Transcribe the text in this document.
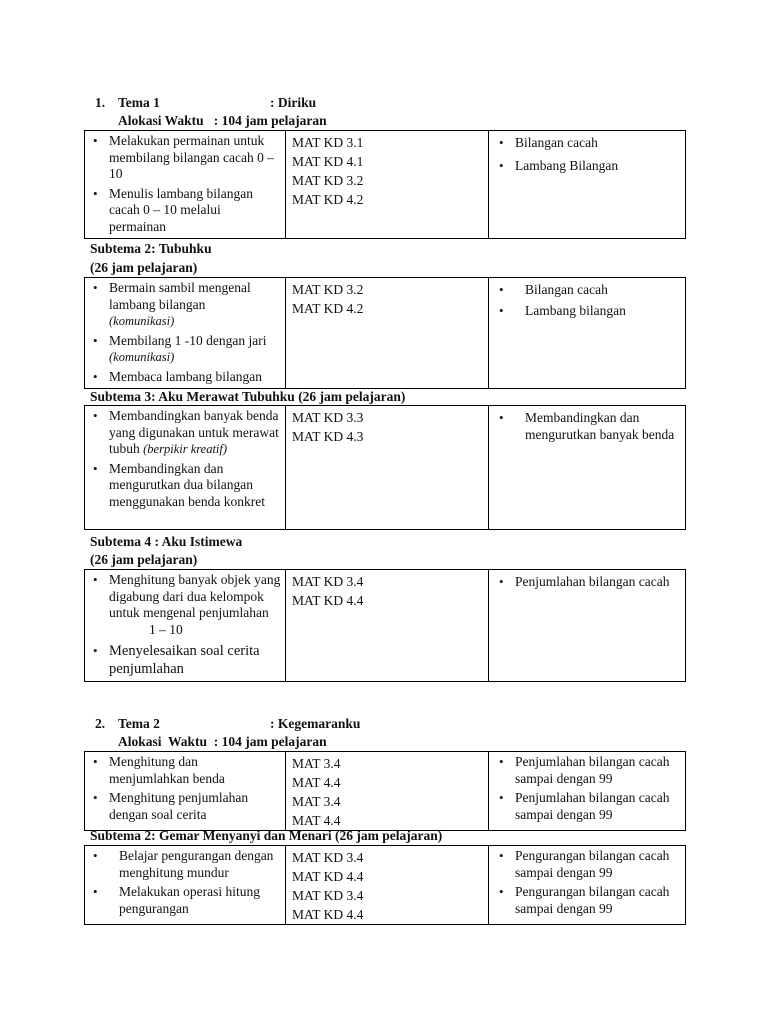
1. Tema 1	: Diriku
Alokasi Waktu   : 104 jam pelajaran
• Melakukan permainan untuk membilang bilangan cacah 0 – 10
• Menulis lambang bilangan cacah 0 – 10 melalui permainan

MAT KD 3.1
MAT KD 4.1
MAT KD 3.2
MAT KD 4.2

• Bilangan cacah
• Lambang Bilangan
Subtema 2: Tubuhku
(26 jam pelajaran)
• Bermain sambil mengenal lambang bilangan
(komunikasi)
• Membilang 1 -10 dengan jari
(komunikasi)
• Membaca lambang bilangan

MAT KD 3.2
MAT KD 4.2

• Bilangan cacah
• Lambang bilangan
Subtema 3: Aku Merawat Tubuhku (26 jam pelajaran)
• Membandingkan banyak benda yang digunakan untuk merawat tubuh (berpikir kreatif)
• Membandingkan dan mengurutkan dua bilangan menggunakan benda konkret

MAT KD 3.3
MAT KD 4.3

• Membandingkan dan mengurutkan banyak benda
Subtema 4 : Aku Istimewa
(26 jam pelajaran)
• Menghitung banyak objek yang digabung dari dua kelompok untuk mengenal penjumlahan1 – 10
• Menyelesaikan soal cerita penjumlahan

MAT KD 3.4
MAT KD 4.4

• Penjumlahan bilangan cacah
2. Tema 2	: Kegemaranku
Alokasi  Waktu  : 104 jam pelajaran
• Menghitung dan menjumlahkan benda
• Menghitung penjumlahan dengan soal cerita

MAT 3.4
MAT 4.4
MAT 3.4
MAT 4.4

• Penjumlahan bilangan cacah sampai dengan 99
• Penjumlahan bilangan cacah sampai dengan 99
Subtema 2: Gemar Menyanyi dan Menari (26 jam pelajaran)
• Belajar pengurangan dengan menghitung mundur
• Melakukan operasi hitung pengurangan

MAT KD 3.4
MAT KD 4.4
MAT KD 3.4
MAT KD 4.4

• Pengurangan bilangan cacah sampai dengan 99
• Pengurangan bilangan cacah sampai dengan 99
